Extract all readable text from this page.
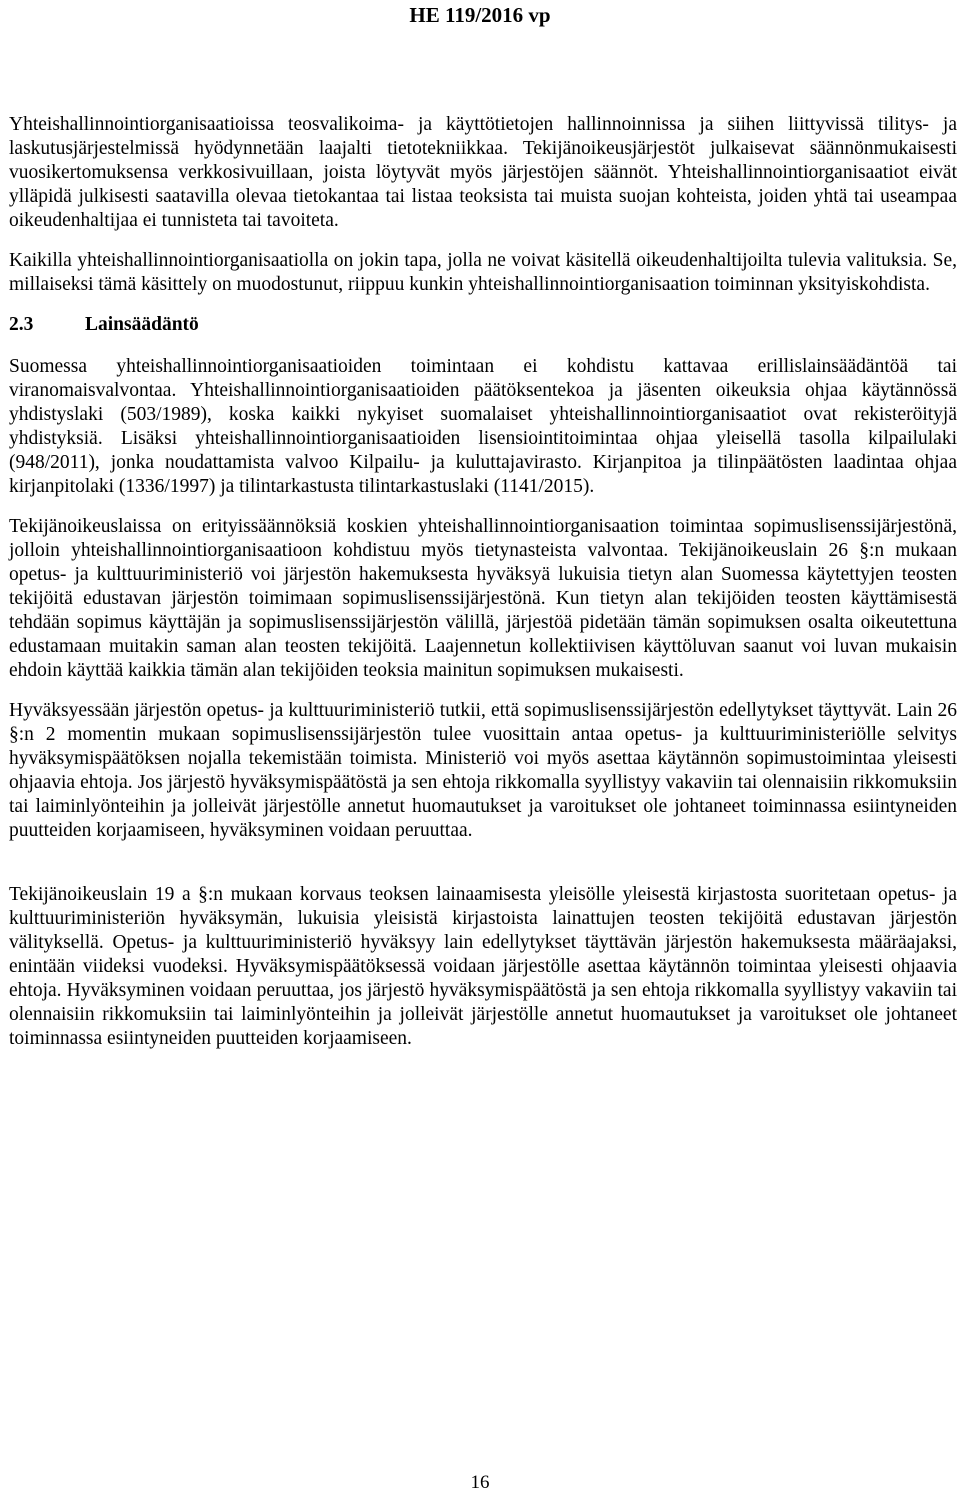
HE 119/2016 vp

Yhteishallinnointiorganisaatioissa teosvalikoima- ja käyttötietojen hallinnoinnissa ja siihen liittyvissä tilitys- ja laskutusjärjestelmissä hyödynnetään laajalti tietotekniikkaa. Tekijänoikeusjärjestöt julkaisevat säännönmukaisesti vuosikertomuksensa verkkosivuillaan, joista löytyvät myös järjestöjen säännöt. Yhteishallinnointiorganisaatiot eivät ylläpidä julkisesti saatavilla olevaa tietokantaa tai listaa teoksista tai muista suojan kohteista, joiden yhtä tai useampaa oikeudenhaltijaa ei tunnisteta tai tavoiteta.

Kaikilla yhteishallinnointiorganisaatiolla on jokin tapa, jolla ne voivat käsitellä oikeudenhaltijoilta tulevia valituksia. Se, millaiseksi tämä käsittely on muodostunut, riippuu kunkin yhteishallinnointiorganisaation toiminnan yksityiskohdista.

2.3	Lainsäädäntö

Suomessa yhteishallinnointiorganisaatioiden toimintaan ei kohdistu kattavaa erillislainsäädäntöä tai viranomaisvalvontaa. Yhteishallinnointiorganisaatioiden päätöksentekoa ja jäsenten oikeuksia ohjaa käytännössä yhdistyslaki (503/1989), koska kaikki nykyiset suomalaiset yhteishallinnointiorganisaatiot ovat rekisteröityjä yhdistyksiä. Lisäksi yhteishallinnointiorganisaatioiden lisensiointitoimintaa ohjaa yleisellä tasolla kilpailulaki (948/2011), jonka noudattamista valvoo Kilpailu- ja kuluttajavirasto. Kirjanpitoa ja tilinpäätösten laadintaa ohjaa kirjanpitolaki (1336/1997) ja tilintarkastusta tilintarkastuslaki (1141/2015).

Tekijänoikeuslaissa on erityissäännöksiä koskien yhteishallinnointiorganisaation toimintaa sopimuslisenssijärjestönä, jolloin yhteishallinnointiorganisaatioon kohdistuu myös tietynasteista valvontaa. Tekijänoikeuslain 26 §:n mukaan opetus- ja kulttuuriministeriö voi järjestön hakemuksesta hyväksyä lukuisia tietyn alan Suomessa käytettyjen teosten tekijöitä edustavan järjestön toimimaan sopimuslisenssijärjestönä. Kun tietyn alan tekijöiden teosten käyttämisestä tehdään sopimus käyttäjän ja sopimuslisenssijärjestön välillä, järjestöä pidetään tämän sopimuksen osalta oikeutettuna edustamaan muitakin saman alan teosten tekijöitä. Laajennetun kollektiivisen käyttöluvan saanut voi luvan mukaisin ehdoin käyttää kaikkia tämän alan tekijöiden teoksia mainitun sopimuksen mukaisesti.

Hyväksyessään järjestön opetus- ja kulttuuriministeriö tutkii, että sopimuslisenssijärjestön edellytykset täyttyvät. Lain 26 §:n 2 momentin mukaan sopimuslisenssijärjestön tulee vuosittain antaa opetus- ja kulttuuriministeriölle selvitys hyväksymispäätöksen nojalla tekemistään toimista. Ministeriö voi myös asettaa käytännön sopimustoimintaa yleisesti ohjaavia ehtoja. Jos järjestö hyväksymispäätöstä ja sen ehtoja rikkomalla syyllistyy vakaviin tai olennaisiin rikkomuksiin tai laiminlyönteihin ja jolleivät järjestölle annetut huomautukset ja varoitukset ole johtaneet toiminnassa esiintyneiden puutteiden korjaamiseen, hyväksyminen voidaan peruuttaa.

Tekijänoikeuslain 19 a §:n mukaan korvaus teoksen lainaamisesta yleisölle yleisestä kirjastosta suoritetaan opetus- ja kulttuuriministeriön hyväksymän, lukuisia yleisistä kirjastoista lainattujen teosten tekijöitä edustavan järjestön välityksellä. Opetus- ja kulttuuriministeriö hyväksyy lain edellytykset täyttävän järjestön hakemuksesta määräajaksi, enintään viideksi vuodeksi. Hyväksymispäätöksessä voidaan järjestölle asettaa käytännön toimintaa yleisesti ohjaavia ehtoja. Hyväksyminen voidaan peruuttaa, jos järjestö hyväksymispäätöstä ja sen ehtoja rikkomalla syyllistyy vakaviin tai olennaisiin rikkomuksiin tai laiminlyönteihin ja jolleivät järjestölle annetut huomautukset ja varoitukset ole johtaneet toiminnassa esiintyneiden puutteiden korjaamiseen.

16
